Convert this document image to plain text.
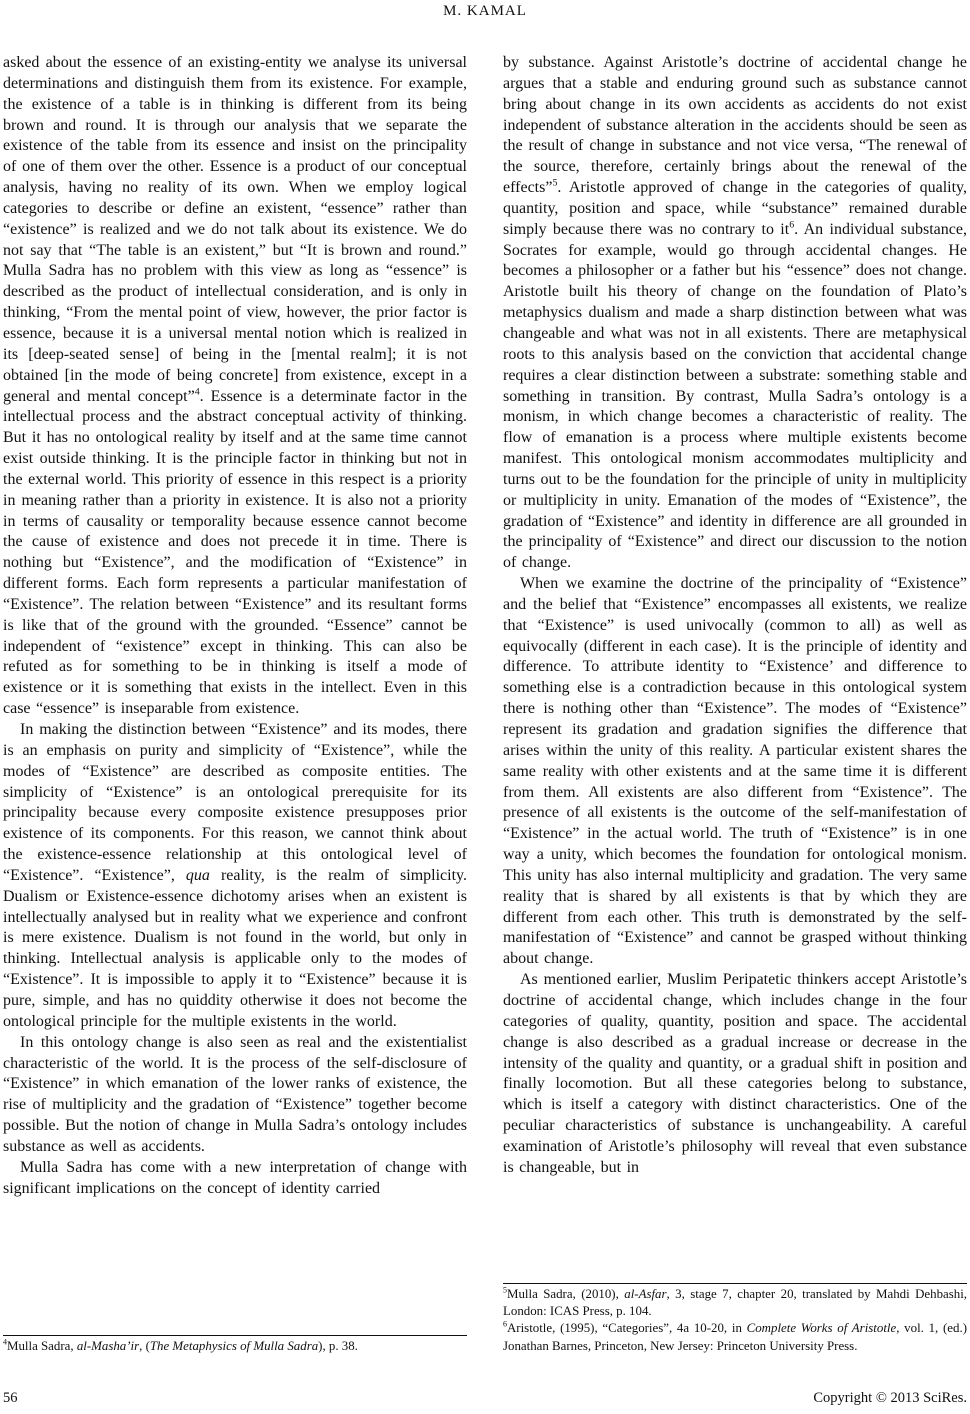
M. KAMAL

asked about the essence of an existing-entity we analyse its universal determinations and distinguish them from its existence. For example, the existence of a table is in thinking is different from its being brown and round. It is through our analysis that we separate the existence of the table from its essence and insist on the principality of one of them over the other. Essence is a product of our conceptual analysis, having no reality of its own. When we employ logical categories to describe or define an existent, “essence” rather than “existence” is realized and we do not talk about its existence. We do not say that “The table is an existent,” but “It is brown and round.” Mulla Sadra has no problem with this view as long as “essence” is described as the product of intellectual consideration, and is only in thinking, “From the mental point of view, however, the prior factor is essence, because it is a universal mental notion which is realized in its [deep-seated sense] of being in the [mental realm]; it is not obtained [in the mode of being concrete] from existence, except in a general and mental concept”$^4$. Essence is a determinate factor in the intellectual process and the abstract conceptual activity of thinking. But it has no ontological reality by itself and at the same time cannot exist outside thinking. It is the principle factor in thinking but not in the external world. This priority of essence in this respect is a priority in meaning rather than a priority in existence. It is also not a priority in terms of causality or temporality because essence cannot become the cause of existence and does not precede it in time. There is nothing but “Existence”, and the modification of “Existence” in different forms. Each form represents a particular manifestation of “Existence”. The relation between “Existence” and its resultant forms is like that of the ground with the grounded. “Essence” cannot be independent of “existence” except in thinking. This can also be refuted as for something to be in thinking is itself a mode of existence or it is something that exists in the intellect. Even in this case “essence” is inseparable from existence.

In making the distinction between “Existence” and its modes, there is an emphasis on purity and simplicity of “Existence”, while the modes of “Existence” are described as composite entities. The simplicity of “Existence” is an ontological prerequisite for its principality because every composite existence presupposes prior existence of its components. For this reason, we cannot think about the existence-essence relationship at this ontological level of “Existence”. “Existence”, qua reality, is the realm of simplicity. Dualism or Existence-essence dichotomy arises when an existent is intellectually analysed but in reality what we experience and confront is mere existence. Dualism is not found in the world, but only in thinking. Intellectual analysis is applicable only to the modes of “Existence”. It is impossible to apply it to “Existence” because it is pure, simple, and has no quiddity otherwise it does not become the ontological principle for the multiple existents in the world.

In this ontology change is also seen as real and the existentialist characteristic of the world. It is the process of the self-disclosure of “Existence” in which emanation of the lower ranks of existence, the rise of multiplicity and the gradation of “Existence” together become possible. But the notion of change in Mulla Sadra’s ontology includes substance as well as accidents.

Mulla Sadra has come with a new interpretation of change with significant implications on the concept of identity carried

$^4$Mulla Sadra, al-Masha’ir, (The Metaphysics of Mulla Sadra), p. 38.

by substance. Against Aristotle’s doctrine of accidental change he argues that a stable and enduring ground such as substance cannot bring about change in its own accidents as accidents do not exist independent of substance alteration in the accidents should be seen as the result of change in substance and not vice versa, “The renewal of the source, therefore, certainly brings about the renewal of the effects”$^5$. Aristotle approved of change in the categories of quality, quantity, position and space, while “substance” remained durable simply because there was no contrary to $it^6$. An individual substance, Socrates for example, would go through accidental changes. He becomes a philosopher or a father but his “essence” does not change. Aristotle built his theory of change on the foundation of Plato’s metaphysics dualism and made a sharp distinction between what was changeable and what was not in all existents. There are metaphysical roots to this analysis based on the conviction that accidental change requires a clear distinction between a substrate: something stable and something in transition. By contrast, Mulla Sadra’s ontology is a monism, in which change becomes a characteristic of reality. The flow of emanation is a process where multiple existents become manifest. This ontological monism accommodates multiplicity and turns out to be the foundation for the principle of unity in multiplicity or multiplicity in unity. Emanation of the modes of “Existence”, the gradation of “Existence” and identity in difference are all grounded in the principality of “Existence” and direct our discussion to the notion of change.

When we examine the doctrine of the principality of “Existence” and the belief that “Existence” encompasses all existents, we realize that “Existence” is used univocally (common to all) as well as equivocally (different in each case). It is the principle of identity and difference. To attribute identity to “Existence’ and difference to something else is a contradiction because in this ontological system there is nothing other than “Existence”. The modes of “Existence” represent its gradation and gradation signifies the difference that arises within the unity of this reality. A particular existent shares the same reality with other existents and at the same time it is different from them. All existents are also different from “Existence”. The presence of all existents is the outcome of the self-manifestation of “Existence” in the actual world. The truth of “Existence” is in one way a unity, which becomes the foundation for ontological monism. This unity has also internal multiplicity and gradation. The very same reality that is shared by all existents is that by which they are different from each other. This truth is demonstrated by the self-manifestation of “Existence” and cannot be grasped without thinking about change.

As mentioned earlier, Muslim Peripatetic thinkers accept Aristotle’s doctrine of accidental change, which includes change in the four categories of quality, quantity, position and space. The accidental change is also described as a gradual increase or decrease in the intensity of the quality and quantity, or a gradual shift in position and finally locomotion. But all these categories belong to substance, which is itself a category with distinct characteristics. One of the peculiar characteristics of substance is unchangeability. A careful examination of Aristotle’s philosophy will reveal that even substance is changeable, but in

$^5$Mulla Sadra, (2010), al-Asfar, 3, stage 7, chapter 20, translated by Mahdi Dehbashi, London: ICAS Press, p. 104.

$^6$Aristotle, (1995), “Categories”, 4a 10-20, in Complete Works of Aristotle, vol. 1, (ed.) Jonathan Barnes, Princeton, New Jersey: Princeton University Press.

56	Copyright © 2013 SciRes.
